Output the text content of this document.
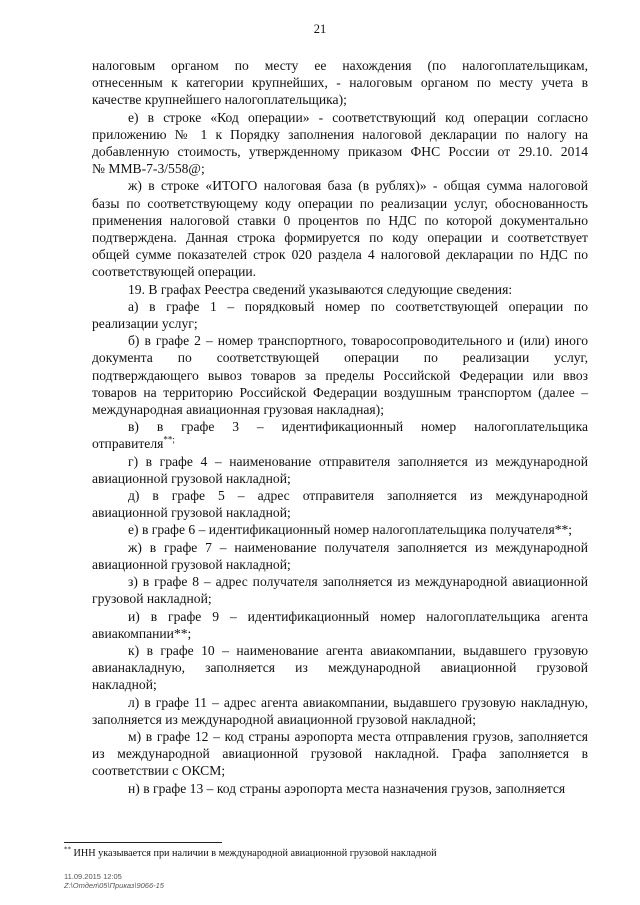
21
налоговым органом по месту ее нахождения (по налогоплательщикам,
отнесенным к категории крупнейших, - налоговым органом по месту учета в
качестве крупнейшего налогоплательщика);
е) в строке «Код операции» - соответствующий код операции согласно
приложению № 1 к Порядку заполнения налоговой декларации по налогу на
добавленную стоимость, утвержденному приказом ФНС России от 29.10. 2014
№ ММВ-7-3/558@;
ж) в строке «ИТОГО налоговая база (в рублях)» - общая сумма налоговой
базы по соответствующему коду операции по реализации услуг, обоснованность
применения налоговой ставки 0 процентов по НДС по которой документально
подтверждена. Данная строка формируется по коду операции и соответствует
общей сумме показателей строк 020 раздела 4 налоговой декларации по НДС по
соответствующей операции.
19. В графах Реестра сведений указываются следующие сведения:
а) в графе 1 – порядковый номер по соответствующей операции по
реализации услуг;
б) в графе 2 – номер транспортного, товаросопроводительного и (или) иного
документа по соответствующей операции по реализации услуг,
подтверждающего вывоз товаров за пределы Российской Федерации или ввоз
товаров на территорию Российской Федерации воздушным транспортом (далее –
международная авиационная грузовая накладная);
в) в графе 3 – идентификационный номер налогоплательщика
отправителя**;
г) в графе 4 – наименование отправителя заполняется из международной
авиационной грузовой накладной;
д) в графе 5 – адрес отправителя заполняется из международной
авиационной грузовой накладной;
е) в графе 6 – идентификационный номер налогоплательщика получателя**;
ж) в графе 7 – наименование получателя заполняется из международной
авиационной грузовой накладной;
з) в графе 8 – адрес получателя заполняется из международной авиационной
грузовой накладной;
и) в графе 9 – идентификационный номер налогоплательщика агента
авиакомпании**;
к) в графе 10 – наименование агента авиакомпании, выдавшего грузовую
авианакладную, заполняется из международной авиационной грузовой
накладной;
л) в графе 11 – адрес агента авиакомпании, выдавшего грузовую накладную,
заполняется из международной авиационной грузовой накладной;
м) в графе 12 – код страны аэропорта места отправления грузов, заполняется
из международной авиационной грузовой накладной. Графа заполняется в
соответствии с ОКСМ;
н) в графе 13 – код страны аэропорта места назначения грузов, заполняется
** ИНН указывается при наличии в международной авиационной грузовой накладной
11.09.2015 12:05
Z:\Отдел\05\Приказ\9066-15
